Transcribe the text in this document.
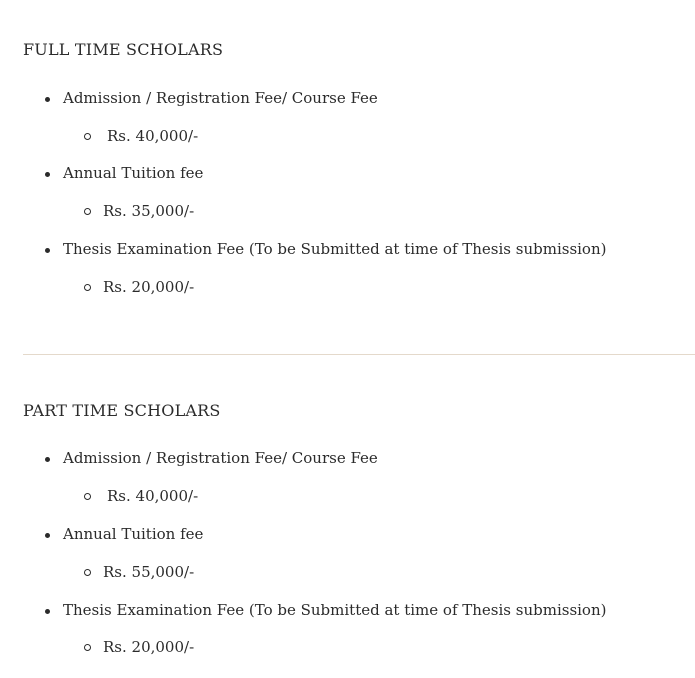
FULL TIME SCHOLARS
Admission / Registration Fee/ Course Fee
Rs. 40,000/-
Annual Tuition fee
Rs. 35,000/-
Thesis Examination Fee (To be Submitted at time of Thesis submission)
Rs. 20,000/-
PART TIME SCHOLARS
Admission / Registration Fee/ Course Fee
Rs. 40,000/-
Annual Tuition fee
Rs. 55,000/-
Thesis Examination Fee (To be Submitted at time of Thesis submission)
Rs. 20,000/-
